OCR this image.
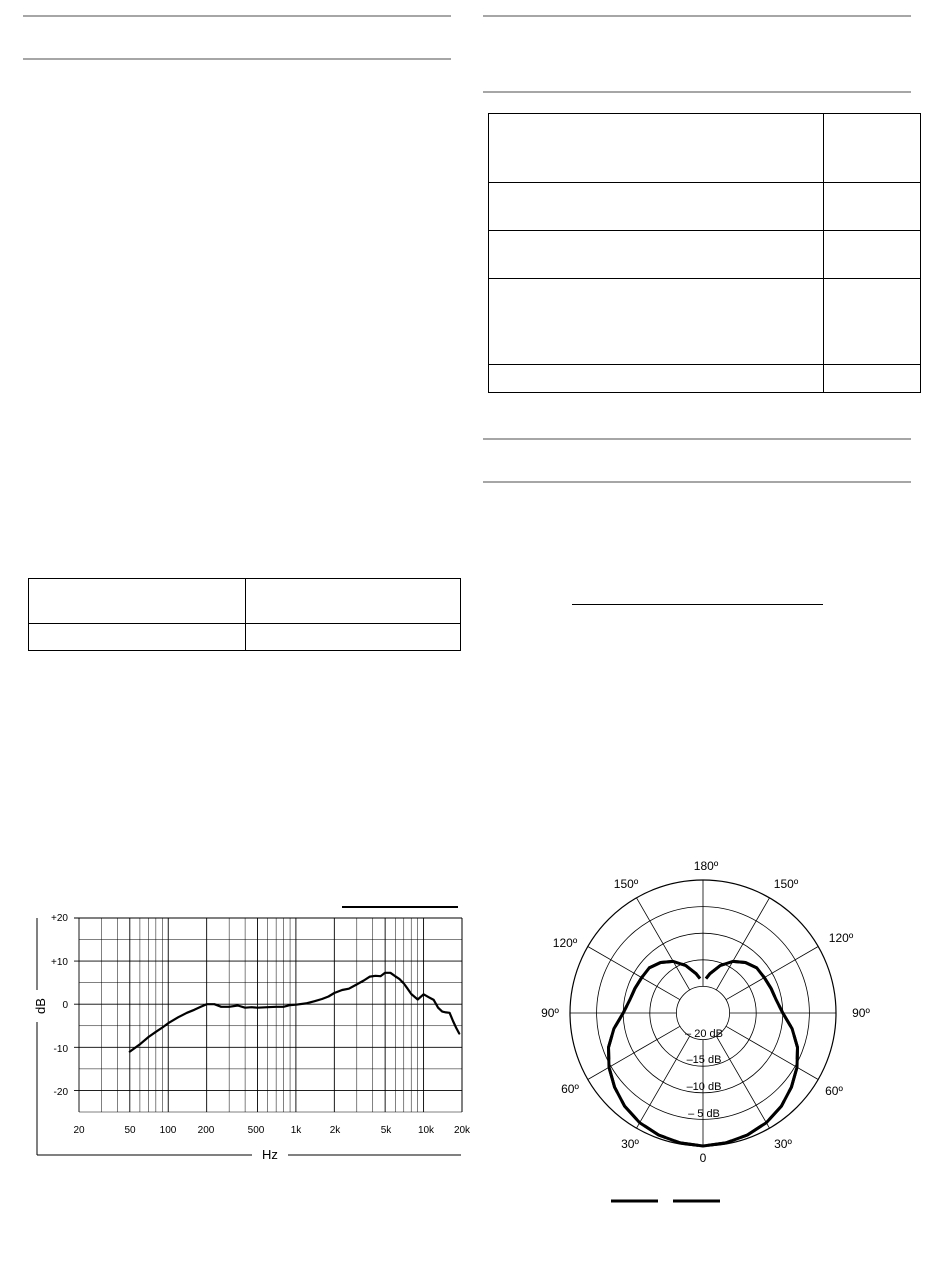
dB
Hz
+20
+10
0
-10
-20
20	50 100 200	500	1k	2k	5k	10k 20k
– 20 dB
–15 dB
–10 dB
– 5 dB
180º
150º	150º
120º	120º
90º	90º
60º	60º
30º	30º
0
